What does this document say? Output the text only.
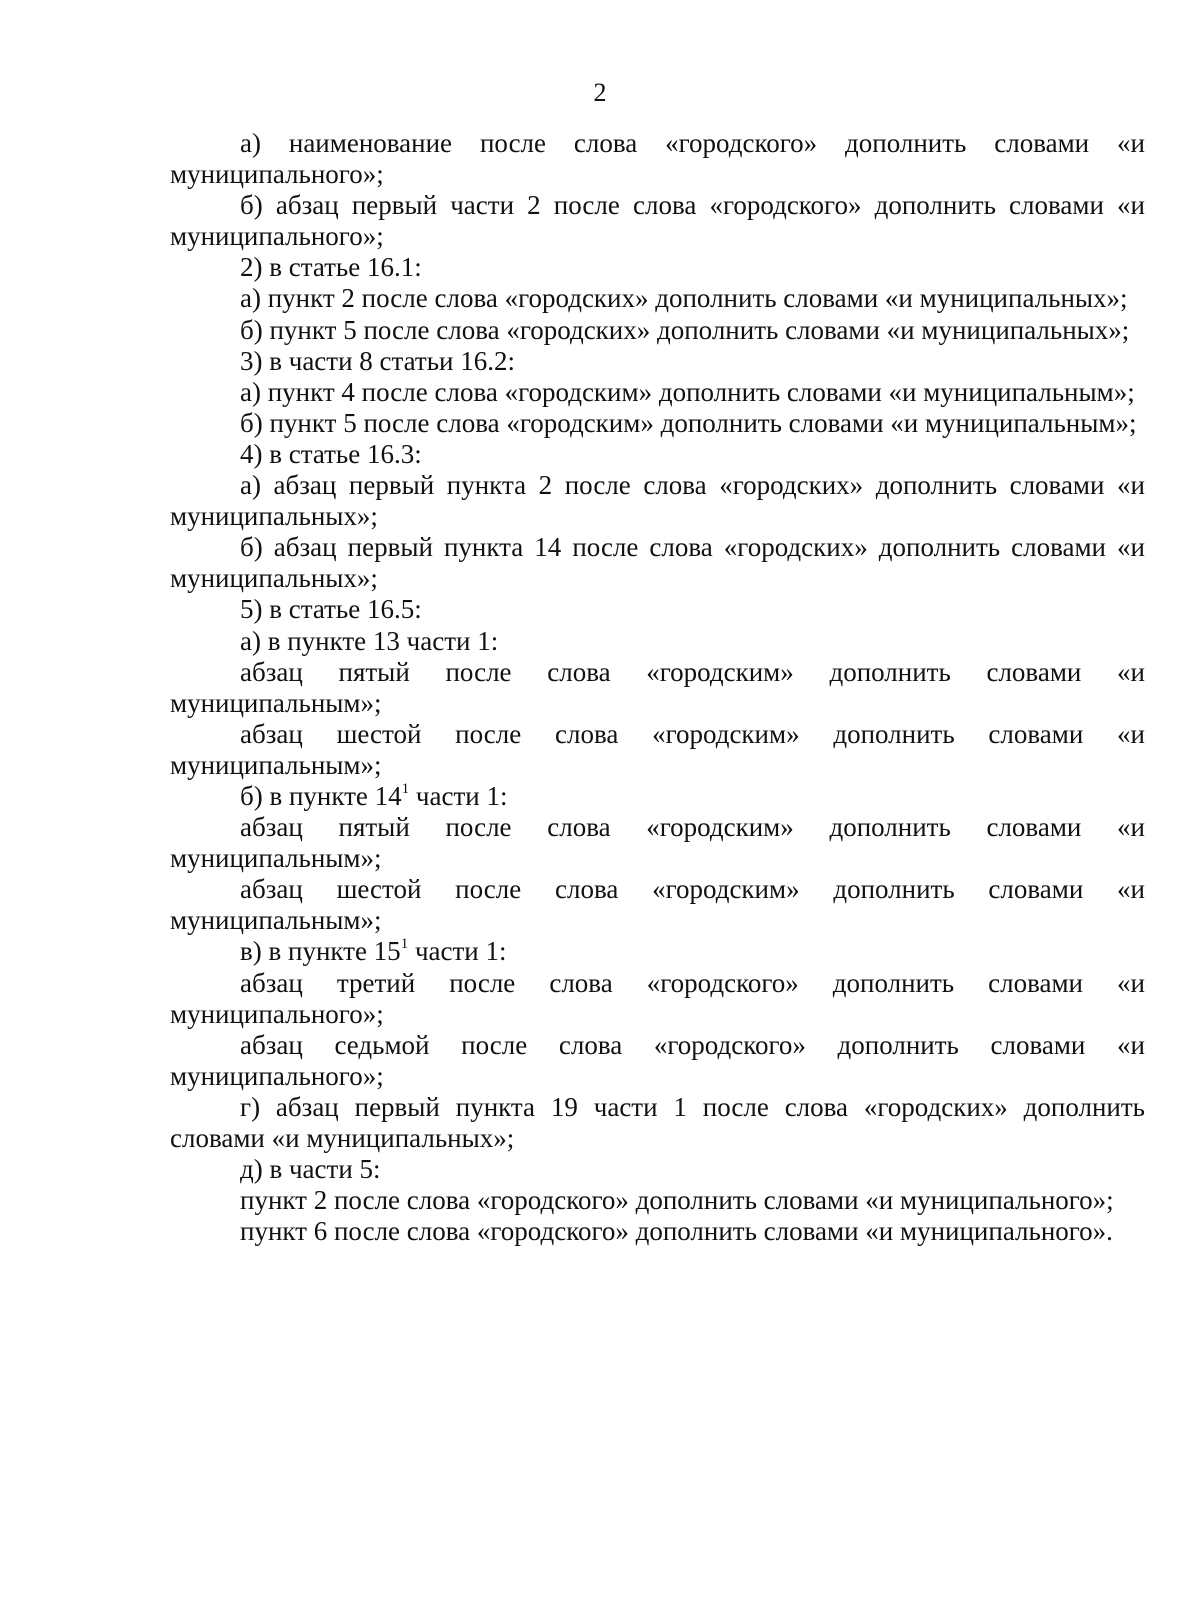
2

а) наименование после слова «городского» дополнить словами «и муниципального»;

б) абзац первый части 2 после слова «городского» дополнить словами «и муниципального»;

2) в статье 16.1:

а) пункт 2 после слова «городских» дополнить словами «и муниципальных»;

б) пункт 5 после слова «городских» дополнить словами «и муниципальных»;

3) в части 8 статьи 16.2:

а) пункт 4 после слова «городским» дополнить словами «и муниципальным»;

б) пункт 5 после слова «городским» дополнить словами «и муниципальным»;

4) в статье 16.3:

а) абзац первый пункта 2 после слова «городских» дополнить словами «и муниципальных»;

б) абзац первый пункта 14 после слова «городских» дополнить словами «и муниципальных»;

5) в статье 16.5:

а) в пункте 13 части 1:

абзац пятый после слова «городским» дополнить словами «и муниципальным»;

абзац шестой после слова «городским» дополнить словами «и муниципальным»;

б) в пункте $14^1$ части 1:

абзац пятый после слова «городским» дополнить словами «и муниципальным»;

абзац шестой после слова «городским» дополнить словами «и муниципальным»;

в) в пункте $15^1$ части 1:

абзац третий после слова «городского» дополнить словами «и муниципального»;

абзац седьмой после слова «городского» дополнить словами «и муниципального»;

г) абзац первый пункта 19 части 1 после слова «городских» дополнить словами «и муниципальных»;

д) в части 5:

пункт 2 после слова «городского» дополнить словами «и муниципального»;

пункт 6 после слова «городского» дополнить словами «и муниципального».
